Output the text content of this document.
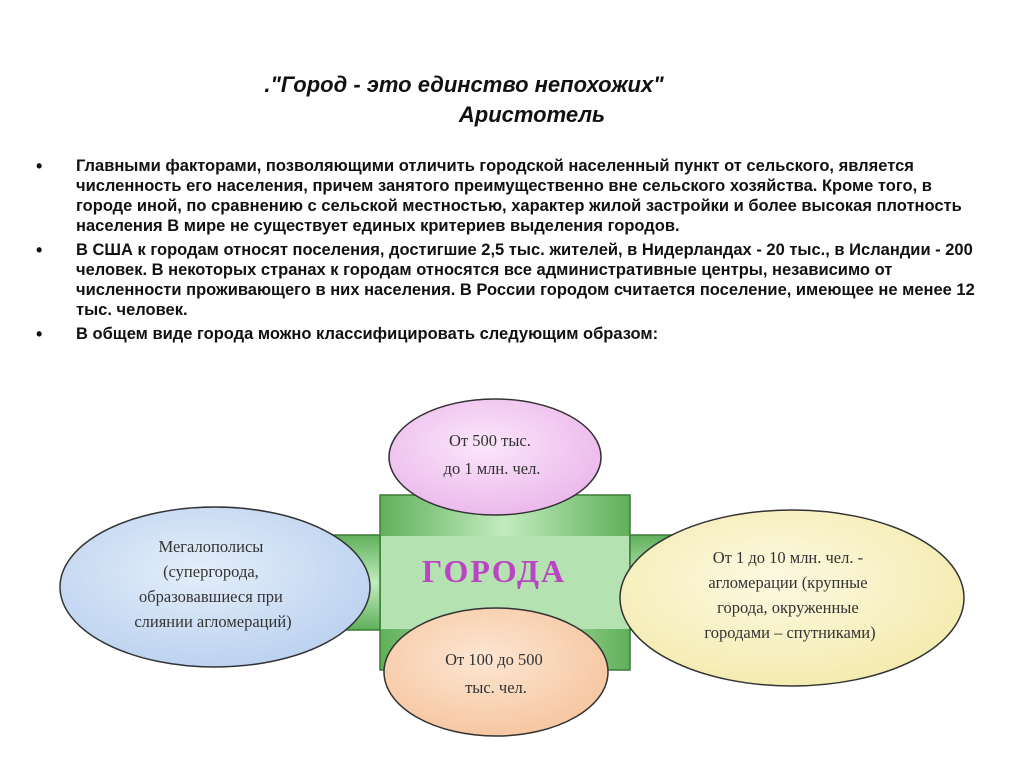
."Город - это единство непохожих"
Аристотель
• Главными факторами, позволяющими отличить городской населенный пункт от сельского, является численность его населения, причем занятого преимущественно вне сельского хозяйства. Кроме того, в городе иной, по сравнению с сельской местностью, характер жилой застройки и более высокая плотность населения В мире не существует единых критериев выделения городов.
• В США к городам относят поселения, достигшие 2,5 тыс. жителей, в Нидерландах - 20 тыс., в Исландии - 200 человек. В некоторых странах к городам относятся все административные центры, независимо от численности проживающего в них населения. В России городом считается поселение, имеющее не менее 12 тыс. человек.
• В общем виде города можно классифицировать следующим образом:
ГОРОДА
От 500 тыс. до 1 млн. чел.
Мегалополисы (супергорода, образовавшиеся при слиянии агломераций)
От 1 до 10 млн. чел. - агломерации (крупные города, окруженные городами – спутниками)
От 100 до 500 тыс. чел.
